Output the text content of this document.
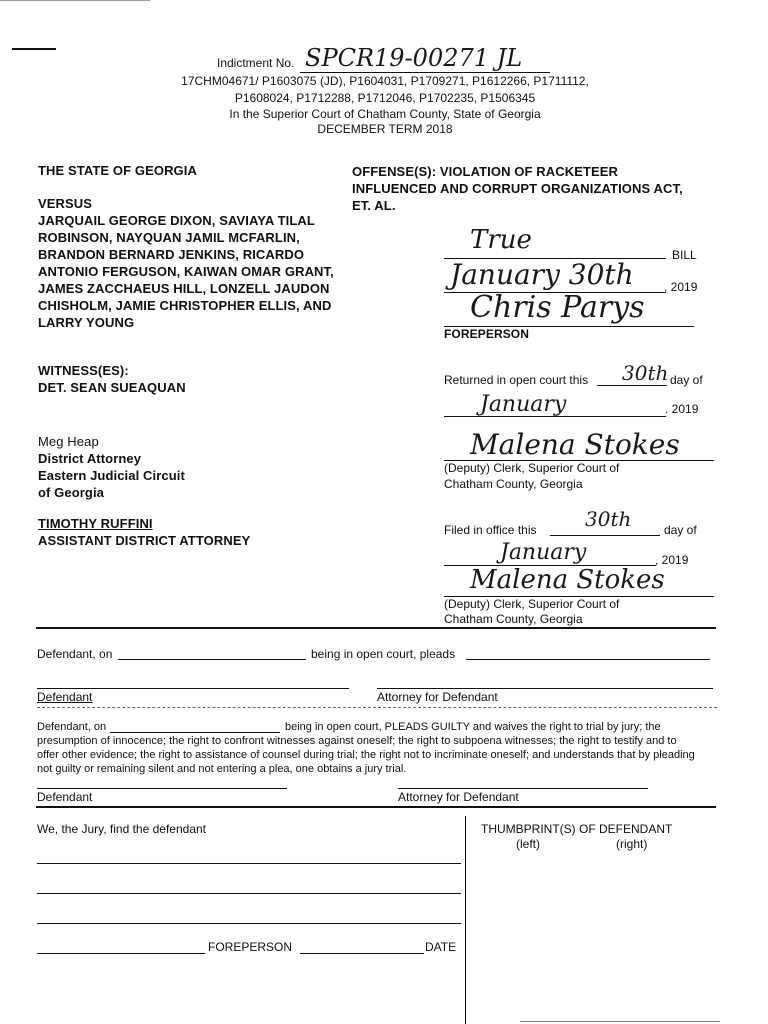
Indictment No. SPCR19-00271 JL
17CHM04671/ P1603075 (JD), P1604031, P1709271, P1612266, P1711112,
P1608024, P1712288, P1712046, P1702235, P1506345
In the Superior Court of Chatham County, State of Georgia
DECEMBER TERM 2018
THE STATE OF GEORGIA
VERSUS
JARQUAIL GEORGE DIXON, SAVIAYA TILAL
ROBINSON, NAYQUAN JAMIL MCFARLIN,
BRANDON BERNARD JENKINS, RICARDO
ANTONIO FERGUSON, KAIWAN OMAR GRANT,
JAMES ZACCHAEUS HILL, LONZELL JAUDON
CHISHOLM, JAMIE CHRISTOPHER ELLIS, AND
LARRY YOUNG
WITNESS(ES):
DET. SEAN SUEAQUAN
Meg Heap
District Attorney
Eastern Judicial Circuit
of Georgia
TIMOTHY RUFFINI
ASSISTANT DISTRICT ATTORNEY
OFFENSE(S): VIOLATION OF RACKETEER
INFLUENCED AND CORRUPT ORGANIZATIONS ACT,
ET. AL.
True	BILL
January 30th	, 2019
Chris Parys
FOREPERSON
Returned in open court this 30th day of
January	. 2019
Malena Stokes
(Deputy) Clerk, Superior Court of
Chatham County, Georgia
Filed in office this 30th	day of
January	, 2019
Malena Stokes
(Deputy) Clerk, Superior Court of
Chatham County, Georgia
Defendant, on	being in open court, pleads
Defendant	Attorney for Defendant
Defendant, on	being in open court, PLEADS GUILTY and waives the right to trial by jury; the
presumption of innocence; the right to confront witnesses against oneself; the right to subpoena witnesses; the right to testify and to
offer other evidence; the right to assistance of counsel during trial; the right not to incriminate oneself; and understands that by pleading
not guilty or remaining silent and not entering a plea, one obtains a jury trial.
Defendant	Attorney for Defendant
We, the Jury, find the defendant
FOREPERSON	DATE
THUMBPRINT(S) OF DEFENDANT
(left)	(right)
